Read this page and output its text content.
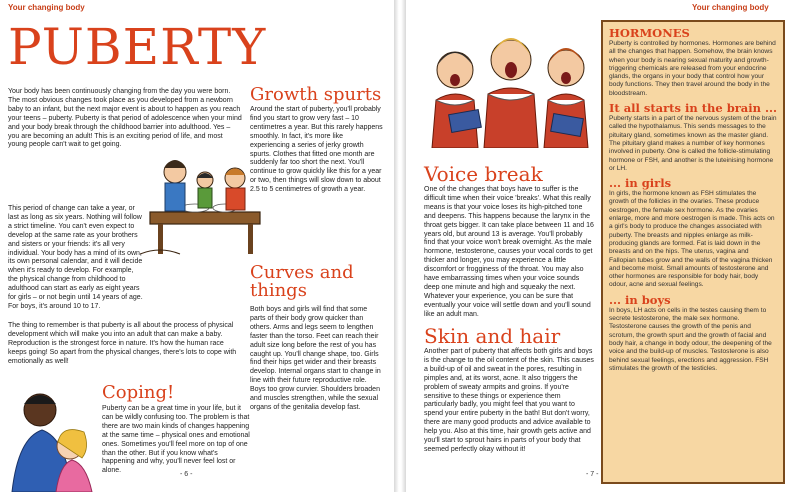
Your changing body
PUBERTY
Your body has been continuously changing from the day you were born. The most obvious changes took place as you developed from a newborn baby to an infant, but the next major event is about to happen as you reach your teens – puberty. Puberty is that period of adolescence when your mind and your body break through the childhood barrier into adulthood. Yes – you are becoming an adult! This is an exciting period of life, and most young people can't wait to get going.
This period of change can take a year, or last as long as six years. Nothing will follow a strict timeline. You can't even expect to develop at the same rate as your brothers and sisters or your friends: it's all very individual. Your body has a mind of its own, its own personal calendar, and it will decide when it's ready to develop. For example, the physical change from childhood to adulthood can start as early as eight years for girls – or not begin until 14 years of age. For boys, it's around 10 to 17.
The thing to remember is that puberty is all about the process of physical development which will make you into an adult that can make a baby. Reproduction is the strongest force in nature. It's how the human race keeps going! So apart from the physical changes, there's lots to cope with emotionally as well!
Growth spurts
Around the start of puberty, you'll probably find you start to grow very fast – 10 centimetres a year. But this rarely happens smoothly. In fact, it's more like experiencing a series of jerky growth spurts. Clothes that fitted one month are suddenly far too short the next. You'll continue to grow quickly like this for a year or two, then things will slow down to about 2.5 to 5 centimetres of growth a year.
Curves and things
Both boys and girls will find that some parts of their body grow quicker than others. Arms and legs seem to lengthen faster than the torso. Feet can reach their adult size long before the rest of you has caught up. You'll change shape, too. Girls find their hips get wider and their breasts develop. Internal organs start to change in line with their future reproductive role. Boys too grow curvier. Shoulders broaden and muscles strengthen, while the sexual organs of the genitalia develop fast.
Coping!
Puberty can be a great time in your life, but it can be wildly confusing too. The problem is that there are two main kinds of changes happening at the same time – physical ones and emotional ones. Sometimes you'll feel more on top of one than the other. But if you know what's happening and why, you'll never feel lost or alone.
- 6 -
Your changing body
Voice break
One of the changes that boys have to suffer is the difficult time when their voice 'breaks'. What this really means is that your voice loses its high-pitched tone and deepens. This happens because the larynx in the throat gets bigger. It can take place between 11 and 16 years old, but around 13 is average. You'll probably find that your voice won't break overnight. As the male hormone, testosterone, causes your vocal cords to get thicker and longer, you may experience a little discomfort or frogginess of the throat. You may also have embarrassing times when your voice sounds deep one minute and high and squeaky the next. Whatever your experience, you can be sure that eventually your voice will settle down and you'll sound like an adult man.
Skin and hair
Another part of puberty that affects both girls and boys is the change to the oil content of the skin. This causes a build-up of oil and sweat in the pores, resulting in pimples and, at its worst, acne. It also triggers the problem of sweaty armpits and groins. If you're sensitive to these things or experience them particularly badly, you might feel that you want to spend your entire puberty in the bath! But don't worry, there are many good products and advice available to help you. Also at this time, hair growth gets active and you'll start to sprout hairs in parts of your body that seemed perfectly okay without it!
HORMONES

Puberty is controlled by hormones. Hormones are behind all the changes that happen. Somehow, the brain knows when your body is nearing sexual maturity and growth-triggering chemicals are released from your endocrine glands, the organs in your body that control how your body functions. They then travel around the body in the bloodstream.

It all starts in the brain ...

Puberty starts in a part of the nervous system of the brain called the hypothalamus. This sends messages to the pituitary gland, sometimes known as the master gland. The pituitary gland makes a number of key hormones involved in puberty. One is called the follicle-stimulating hormone or FSH, and another is the luteinising hormone or LH.

... in girls

In girls, the hormone known as FSH stimulates the growth of the follicles in the ovaries. These produce oestrogen, the female sex hormone. As the ovaries enlarge, more and more oestrogen is made. This acts on a girl's body to produce the changes associated with puberty. The breasts and nipples enlarge as milk-producing glands are formed. Fat is laid down in the breasts and on the hips. The uterus, vagina and Fallopian tubes grow and the walls of the vagina thicken and become moist. Small amounts of testosterone and other hormones are responsible for body hair, body odour, acne and sexual feelings.

... in boys

In boys, LH acts on cells in the testes causing them to secrete testosterone, the male sex hormone. Testosterone causes the growth of the penis and scrotum, the growth spurt and the growth of facial and body hair, a change in body odour, the deepening of the voice and the build-up of muscles. Testosterone is also behind sexual feelings, erections and aggression. FSH stimulates the growth of the testicles.

- 7 -
